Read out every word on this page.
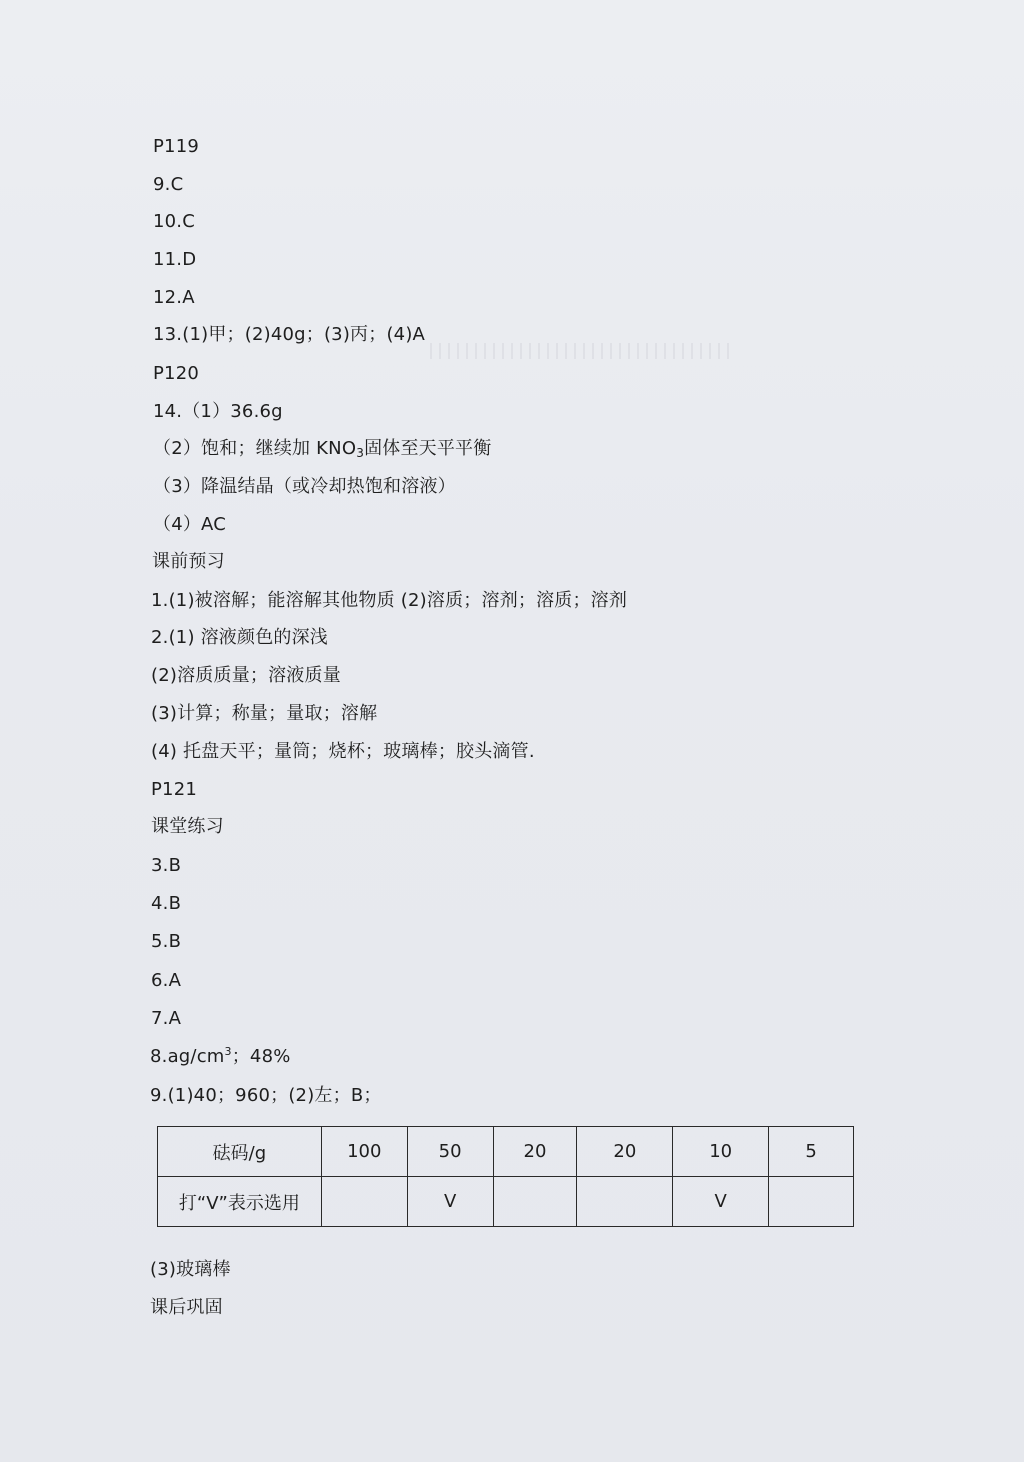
P119
9.C
10.C
11.D
12.A
13.(1)甲；(2)40g；(3)丙；(4)A
P120
14.（1）36.6g
（2）饱和；继续加 $KNO_3$固体至天平平衡
（3）降温结晶（或冷却热饱和溶液）
（4）AC
课前预习
1.(1)被溶解；能溶解其他物质 (2)溶质；溶剂；溶质；溶剂
2.(1) 溶液颜色的深浅
(2)溶质质量；溶液质量
(3)计算；称量；量取；溶解
(4) 托盘天平；量筒；烧杯；玻璃棒；胶头滴管.
P121
课堂练习
3.B
4.B
5.B
6.A
7.A
$8.ag/cm^3$；48%
9.(1)40；960；(2)左；B；
砝码/g	100	50	20	20	10	5
打“V”表示选用		V			V	
(3)玻璃棒
课后巩固
